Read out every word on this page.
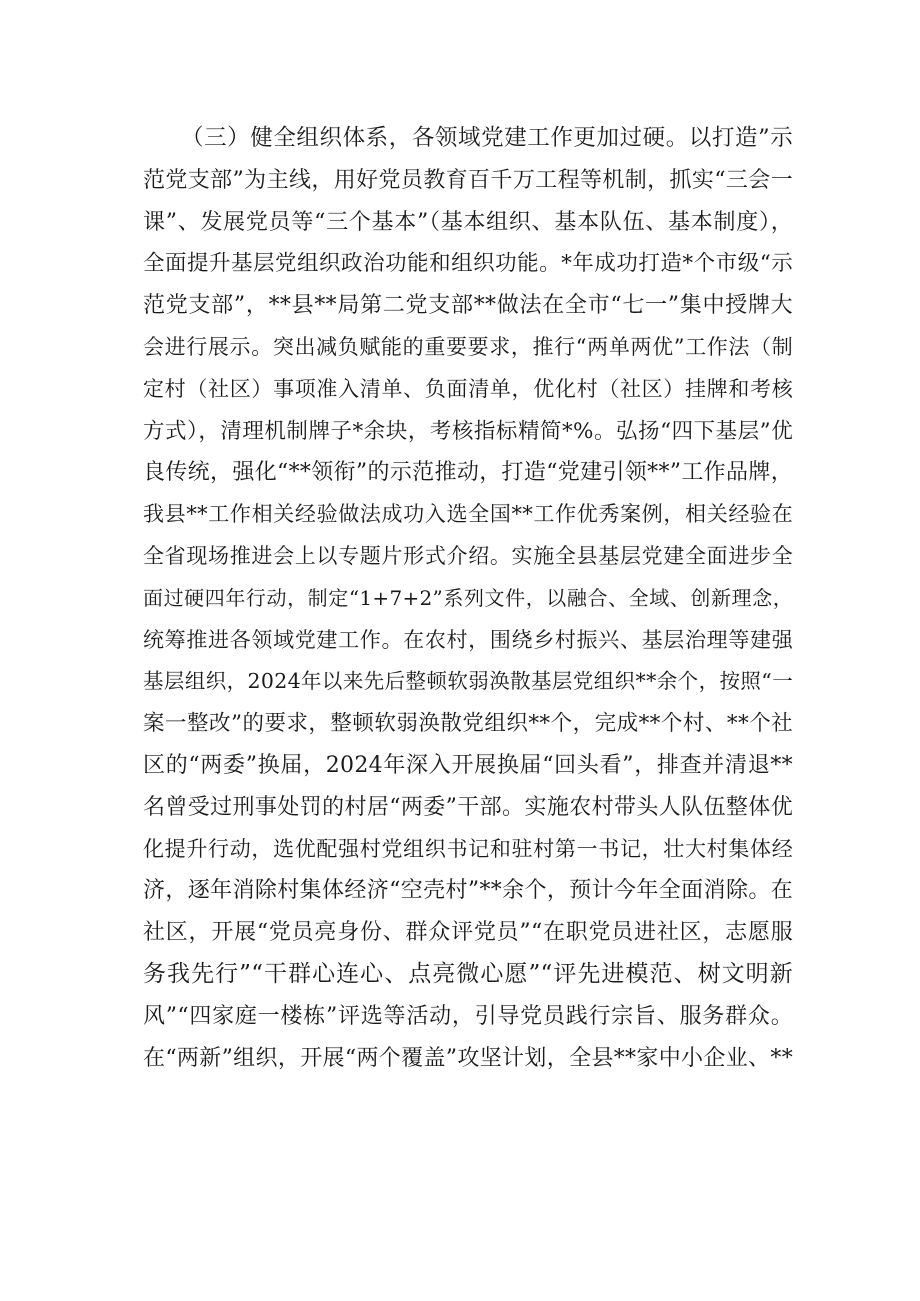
（三）健全组织体系，各领域党建工作更加过硬。以打造”示
范党支部”为主线，用好党员教育百千万工程等机制，抓实“三会一
课”、发展党员等“三个基本”（基本组织、基本队伍、基本制度），
全面提升基层党组织政治功能和组织功能。*年成功打造*个市级“示
范党支部”，**县**局第二党支部**做法在全市“七一”集中授牌大
会进行展示。突出减负赋能的重要要求，推行“两单两优”工作法（制
定村（社区）事项准入清单、负面清单，优化村（社区）挂牌和考核
方式），清理机制牌子*余块，考核指标精简*%。弘扬“四下基层”优
良传统，强化“**领衔”的示范推动，打造“党建引领**”工作品牌，
我县**工作相关经验做法成功入选全国**工作优秀案例，相关经验在
全省现场推进会上以专题片形式介绍。实施全县基层党建全面进步全
面过硬四年行动，制定“1+7+2”系列文件，以融合、全域、创新理念，
统筹推进各领域党建工作。在农村，围绕乡村振兴、基层治理等建强
基层组织，2024年以来先后整顿软弱涣散基层党组织**余个，按照“一
案一整改”的要求，整顿软弱涣散党组织**个，完成**个村、**个社
区的“两委”换届，2024年深入开展换届“回头看”，排查并清退**
名曾受过刑事处罚的村居“两委”干部。实施农村带头人队伍整体优
化提升行动，选优配强村党组织书记和驻村第一书记，壮大村集体经
济，逐年消除村集体经济“空壳村”**余个，预计今年全面消除。在
社区，开展“党员亮身份、群众评党员”“在职党员进社区，志愿服
务我先行”“干群心连心、点亮微心愿”“评先进模范、树文明新
风”“四家庭一楼栋”评选等活动，引导党员践行宗旨、服务群众。
在“两新”组织，开展“两个覆盖”攻坚计划，全县**家中小企业、**
